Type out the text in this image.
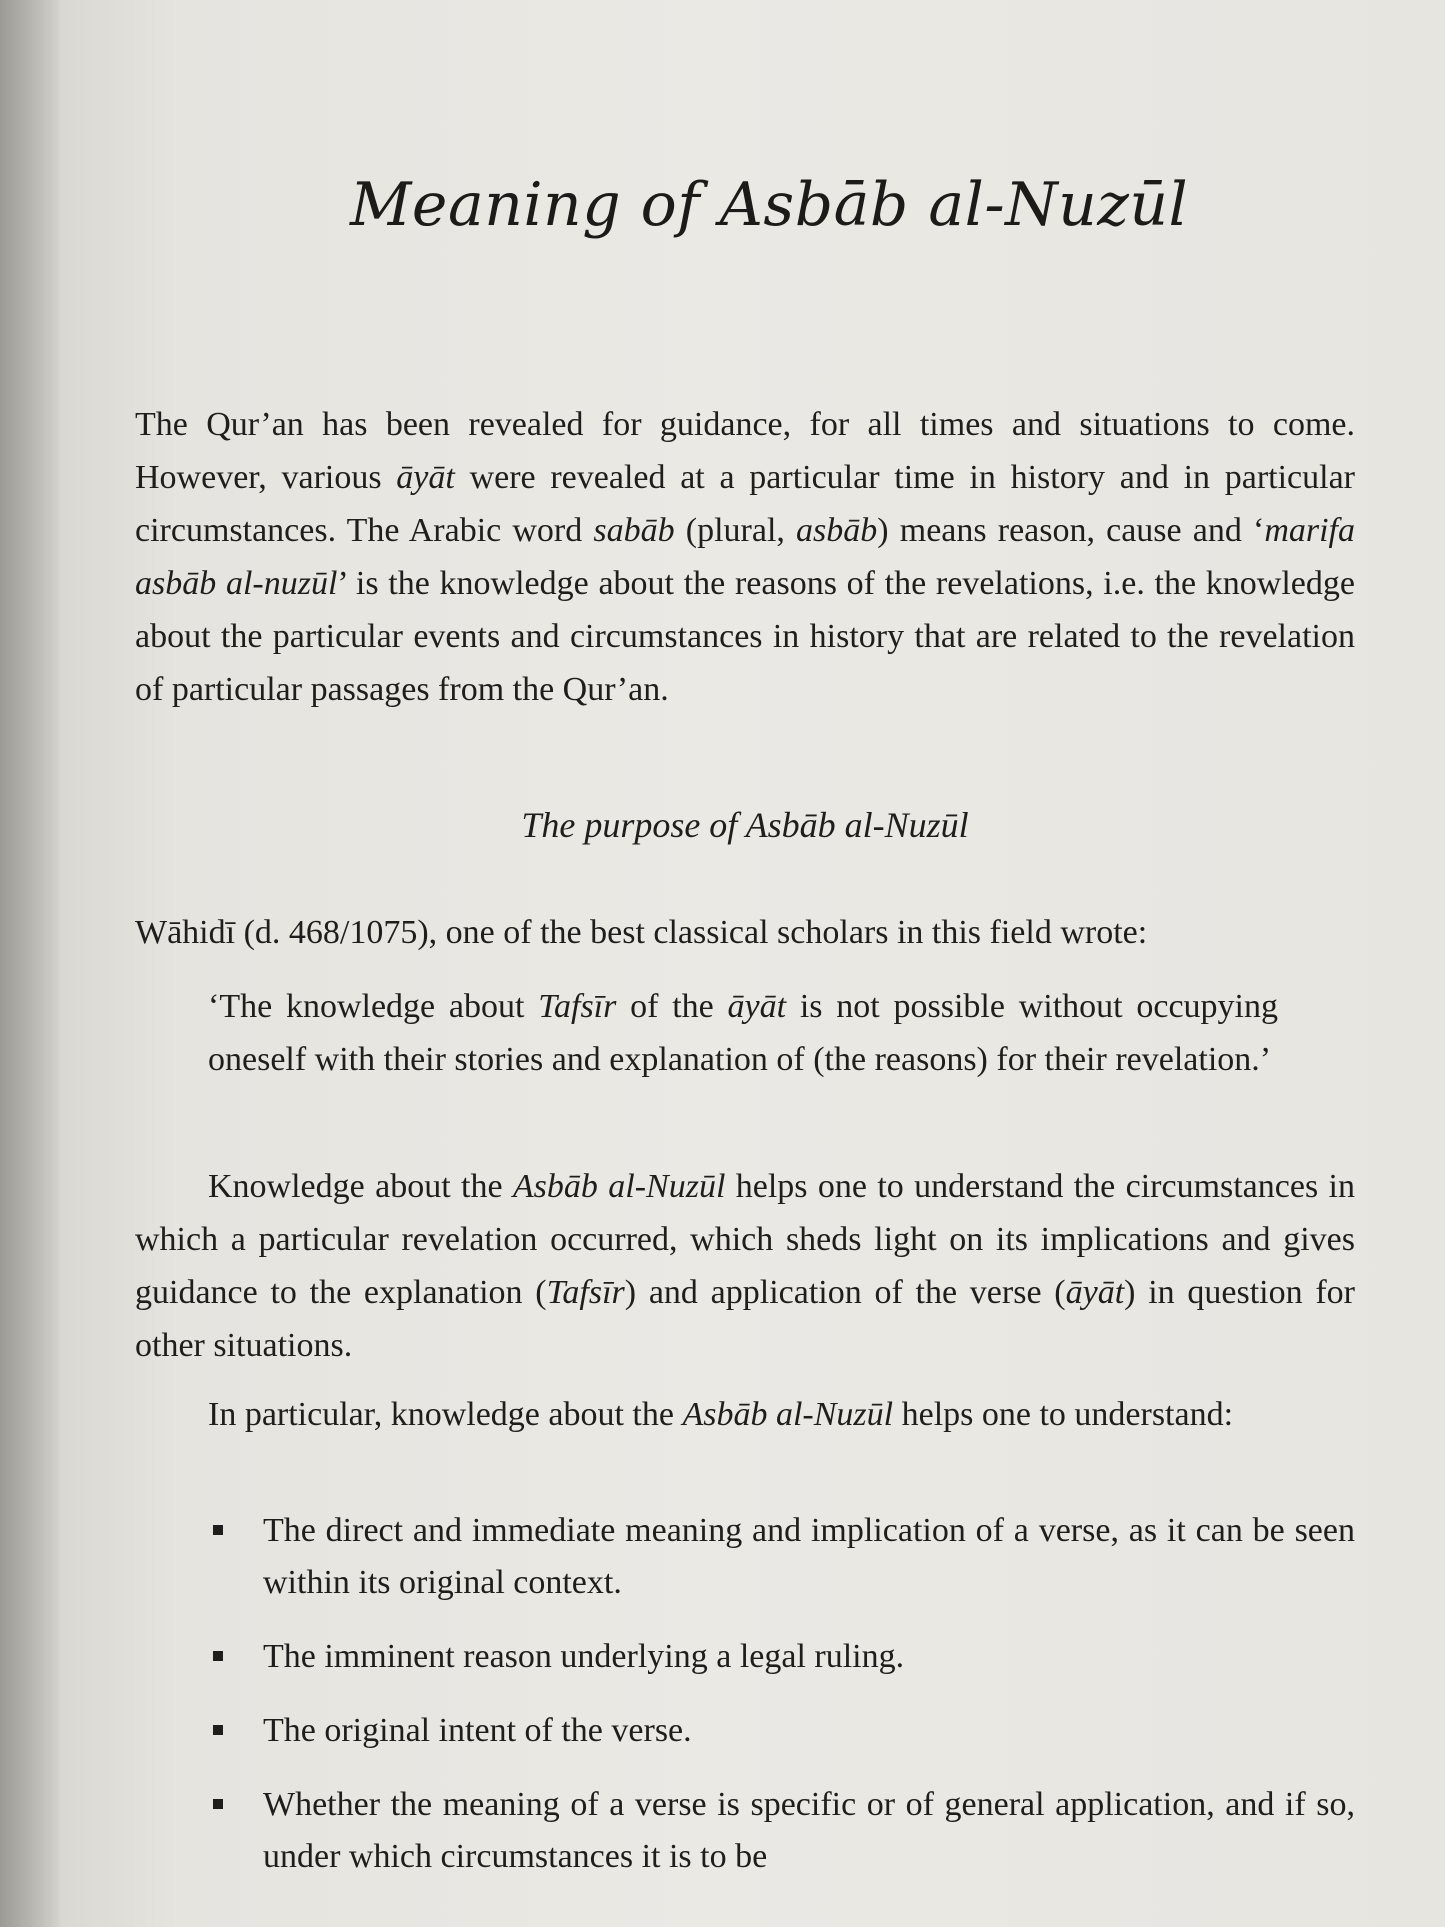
Meaning of Asbāb al-Nuzūl

The Qur’an has been revealed for guidance, for all times and situations to come. However, various āyāt were revealed at a particular time in history and in particular circumstances. The Arabic word sabāb (plural, asbāb) means reason, cause and ‘marifa asbāb al-nuzūl’ is the knowledge about the reasons of the revelations, i.e. the knowledge about the particular events and circumstances in history that are related to the revelation of particular passages from the Qur’an.

The purpose of Asbāb al-Nuzūl

Wāhidī (d. 468/1075), one of the best classical scholars in this field wrote:

‘The knowledge about Tafsīr of the āyāt is not possible without occupying oneself with their stories and explanation of (the reasons) for their revelation.’

Knowledge about the Asbāb al-Nuzūl helps one to understand the circumstances in which a particular revelation occurred, which sheds light on its implications and gives guidance to the explanation (Tafsīr) and application of the verse (āyāt) in question for other situations.

In particular, knowledge about the Asbāb al-Nuzūl helps one to understand:

The direct and immediate meaning and implication of a verse, as it can be seen within its original context.
The imminent reason underlying a legal ruling.
The original intent of the verse.
Whether the meaning of a verse is specific or of general application, and if so, under which circumstances it is to be
